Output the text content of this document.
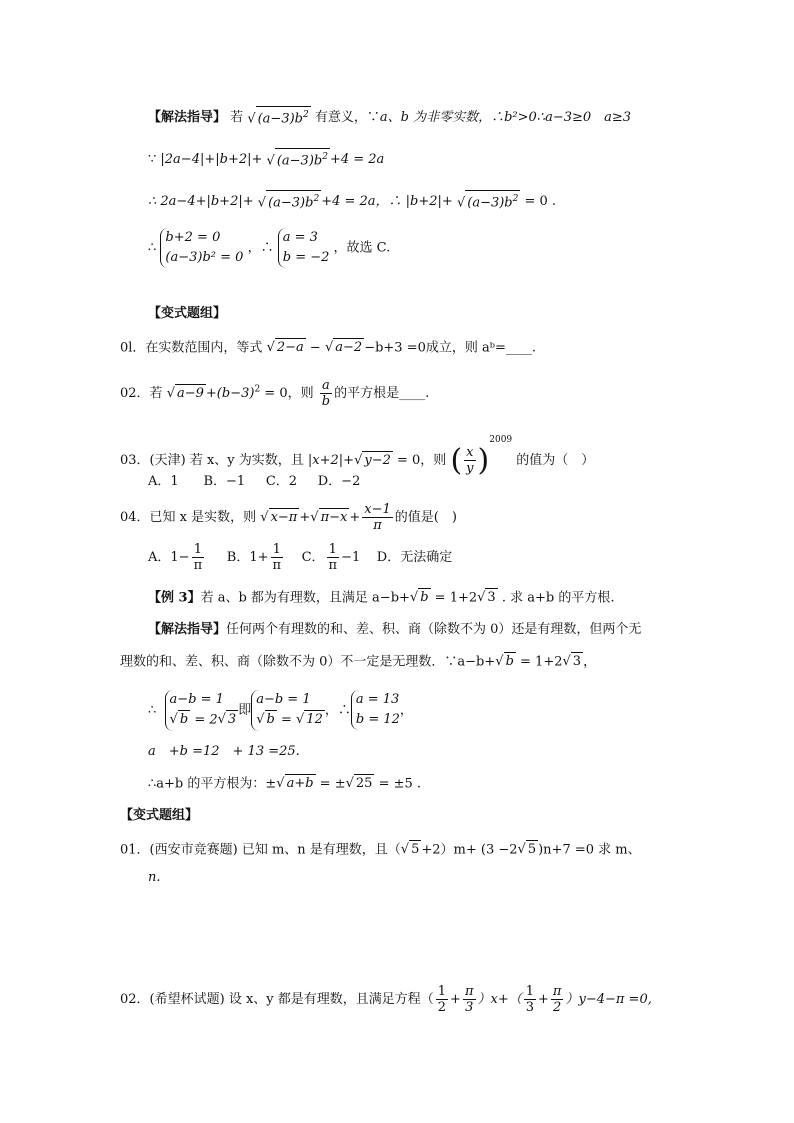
【解法指导】 若 √ $(a-3)b^2$ 有意义，∵a、b 为非零实数，∴b²>0∴a−3≥0　a≥3
∵ |2a−4|+|b+2|+ √ $(a-3)b^2 +4 = 2a$
∴ 2a−4+|b+2|+ √ $(a-3)b^2 +4 = 2a$，∴ |b+2|+ √ $(a-3)b^2 = 0$ .
∴ b+2 = 0
(a−3)b² = 0 ，∴ a = 3
b = −2 ，故选 C.
【变式题组】
0l．在实数范围内，等式 √ 2−a − √ a−2 −b+3 =0成立，则 aᵇ=____.
02．若 √ $a-9 +(b-3)^2 = 0$，则 $\frac{a}{b}$ 的平方根是____.
03．(天津) 若 x、y 为实数，且 |x+2|+√ y−2 = 0，则 ( $\frac{x}{y} )^{2009}$ 的值为（　）
A．1 B．−1 C．2 D．−2
04．已知 x 是实数，则 √ x−π +√ $\pi-x + \frac{x-1}{\pi}$ 的值是(　)
A．$1- \frac{1}{\pi}$ B．$1+ \frac{1}{\pi}$ C． $\frac{1}{\pi} -1$ D．无法确定
【例 3】若 a、b 都为有理数，且满足 a−b+√ b = 1+2√ 3 . 求 a+b 的平方根.
【解法指导】任何两个有理数的和、差、积、商（除数不为 0）还是有理数，但两个无
理数的和、差、积、商（除数不为 0）不一定是无理数．∵a−b+√ b = 1+2√ 3 ，
∴  a−b = 1
√ b = 2√ 3即a−b = 1
√ b = √ 12，∴a = 13
b = 12，
a　+b =12　+ 13 =25.
∴a+b 的平方根为：±√ a+b = ±√ 25 = ±5 .
【变式题组】
01．(西安市竞赛题) 已知 m、n 是有理数，且（√ 5 +2）m+ (3 −2√ 5 )n+7 =0 求 m、
n.
02．(希望杯试题) 设 x、y 都是有理数，且满足方程（ $\frac{1}{2} + \frac{\pi}{3} )x+( \frac{1}{3} + \frac{\pi}{2} )y-4-\pi =0$,
